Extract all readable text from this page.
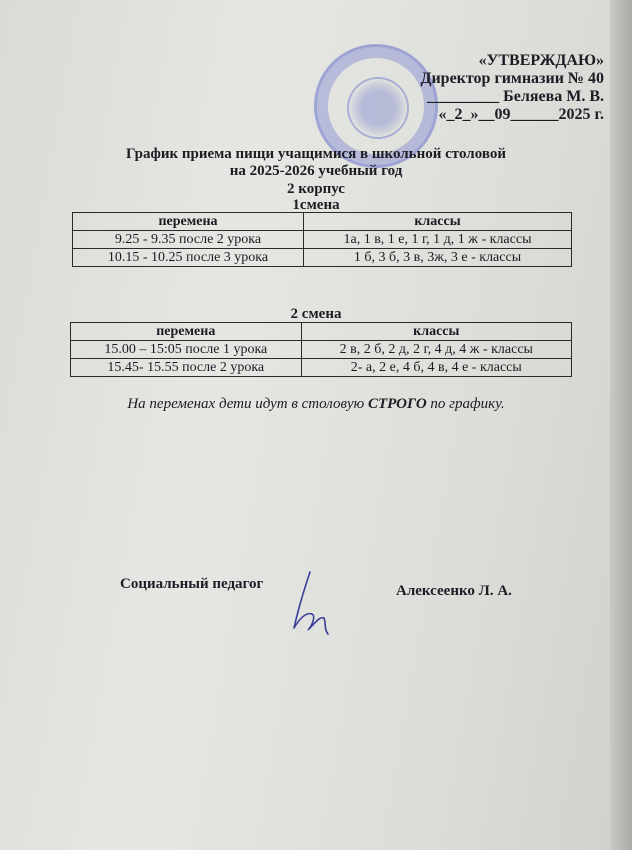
«УТВЕРЖДАЮ»
Директор гимназии № 40
_________ Беляева М. В.
«_2_»__09______2025 г.
График приема пищи учащимися в школьной столовой
на 2025-2026 учебный год
2 корпус
1смена
перемена	классы
9.25 - 9.35 после 2 урока	1а, 1 в, 1 е, 1 г, 1 д, 1 ж - классы
10.15 - 10.25 после 3 урока	1 б, 3 б, 3 в, 3ж, 3 е - классы
2 смена
перемена	классы
15.00 – 15:05 после 1 урока	2 в, 2 б, 2 д, 2 г, 4 д, 4 ж - классы
15.45- 15.55 после 2 урока	2- а, 2 е, 4 б, 4 в, 4 е - классы
На переменах дети идут в столовую СТРОГО по графику.
Социальный педагог	Алексеенко Л. А.
